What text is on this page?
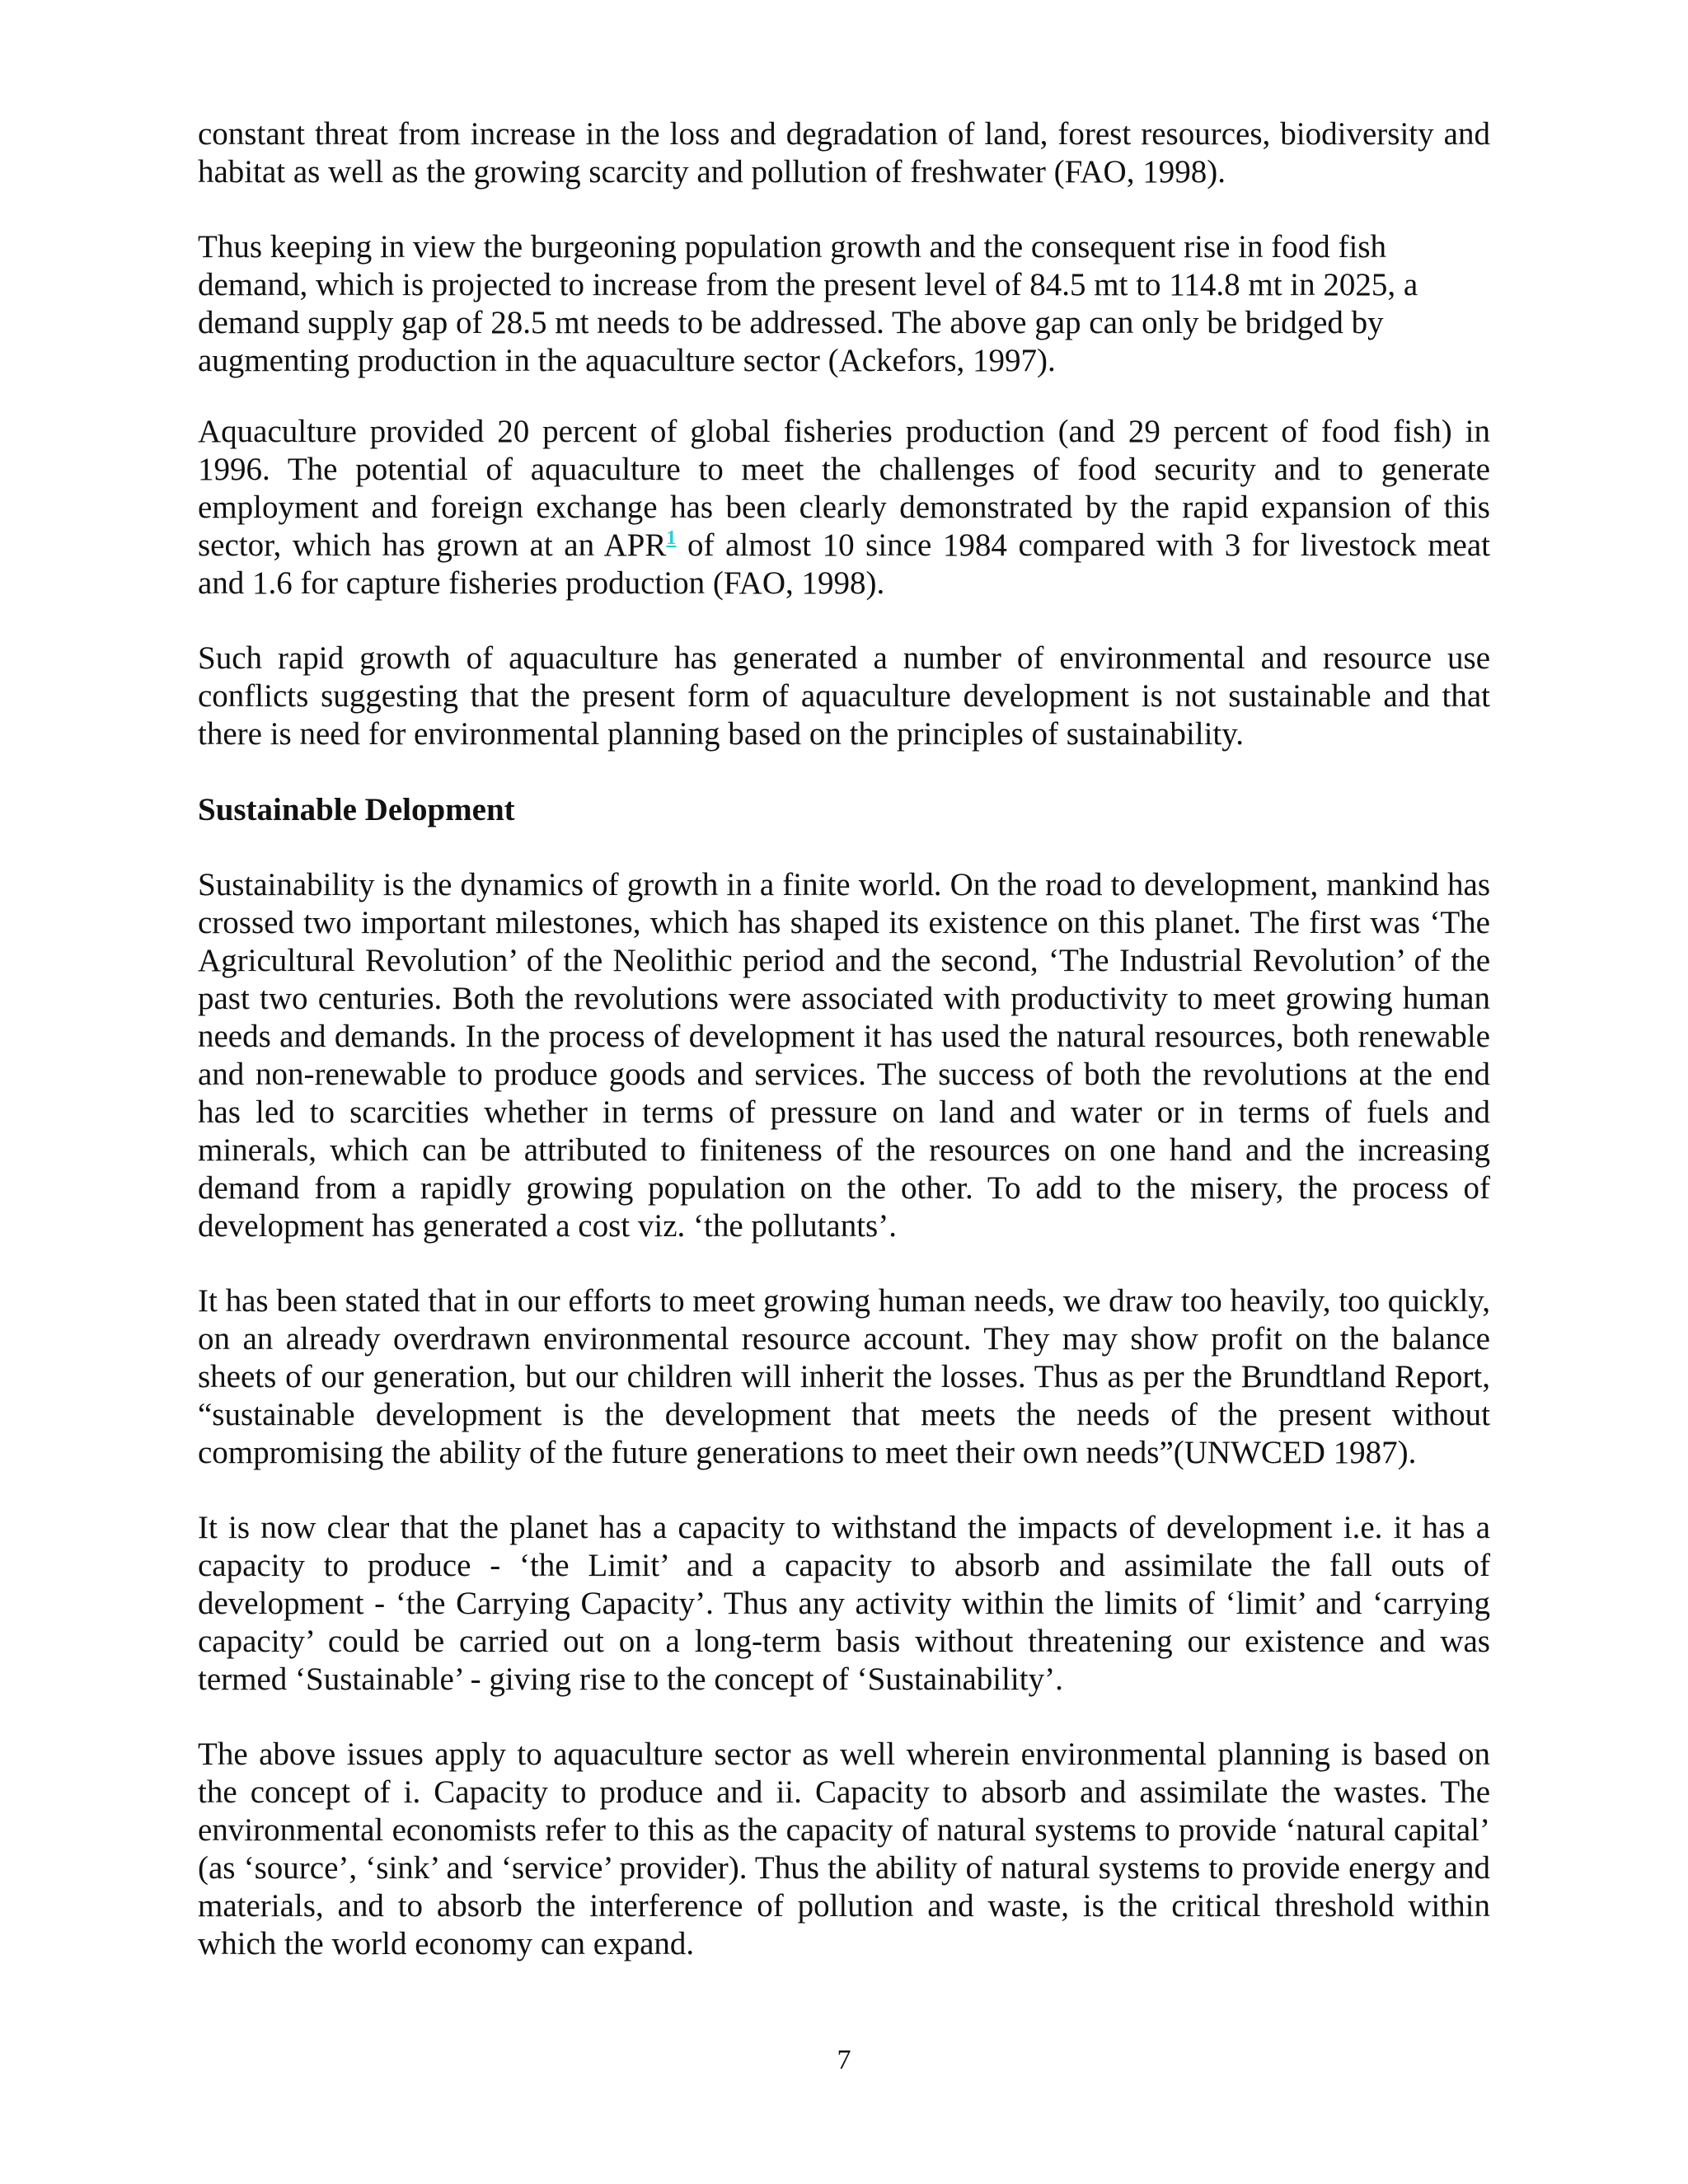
constant threat from increase in the loss and degradation of land, forest resources, biodiversity and habitat as well as the growing scarcity and pollution of freshwater (FAO, 1998).

Thus keeping in view the burgeoning population growth and the consequent rise in food fish demand, which is projected to increase from the present level of 84.5 mt to 114.8 mt in 2025, a demand supply gap of 28.5 mt needs to be addressed. The above gap can only be bridged by augmenting production in the aquaculture sector (Ackefors, 1997).

Aquaculture provided 20 percent of global fisheries production (and 29 percent of food fish) in 1996. The potential of aquaculture to meet the challenges of food security and to generate employment and foreign exchange has been clearly demonstrated by the rapid expansion of this sector, which has grown at an APR$^1$ of almost 10 since 1984 compared with 3 for livestock meat and 1.6 for capture fisheries production (FAO, 1998).

Such rapid growth of aquaculture has generated a number of environmental and resource use conflicts suggesting that the present form of aquaculture development is not sustainable and that there is need for environmental planning based on the principles of sustainability.

Sustainable Delopment

Sustainability is the dynamics of growth in a finite world. On the road to development, mankind has crossed two important milestones, which has shaped its existence on this planet. The first was ‘The Agricultural Revolution’ of the Neolithic period and the second, ‘The Industrial Revolution’ of the past two centuries. Both the revolutions were associated with productivity to meet growing human needs and demands. In the process of development it has used the natural resources, both renewable and non-renewable to produce goods and services. The success of both the revolutions at the end has led to scarcities whether in terms of pressure on land and water or in terms of fuels and minerals, which can be attributed to finiteness of the resources on one hand and the increasing demand from a rapidly growing population on the other. To add to the misery, the process of development has generated a cost viz. ‘the pollutants’.

It has been stated that in our efforts to meet growing human needs, we draw too heavily, too quickly, on an already overdrawn environmental resource account. They may show profit on the balance sheets of our generation, but our children will inherit the losses. Thus as per the Brundtland Report, “sustainable development is the development that meets the needs of the present without compromising the ability of the future generations to meet their own needs”(UNWCED 1987).

It is now clear that the planet has a capacity to withstand the impacts of development i.e. it has a capacity to produce - ‘the Limit’ and a capacity to absorb and assimilate the fall outs of development - ‘the Carrying Capacity’. Thus any activity within the limits of ‘limit’ and ‘carrying capacity’ could be carried out on a long-term basis without threatening our existence and was termed ‘Sustainable’ - giving rise to the concept of ‘Sustainability’.

The above issues apply to aquaculture sector as well wherein environmental planning is based on the concept of i. Capacity to produce and ii. Capacity to absorb and assimilate the wastes. The environmental economists refer to this as the capacity of natural systems to provide ‘natural capital’ (as ‘source’, ‘sink’ and ‘service’ provider). Thus the ability of natural systems to provide energy and materials, and to absorb the interference of pollution and waste, is the critical threshold within which the world economy can expand.

7
